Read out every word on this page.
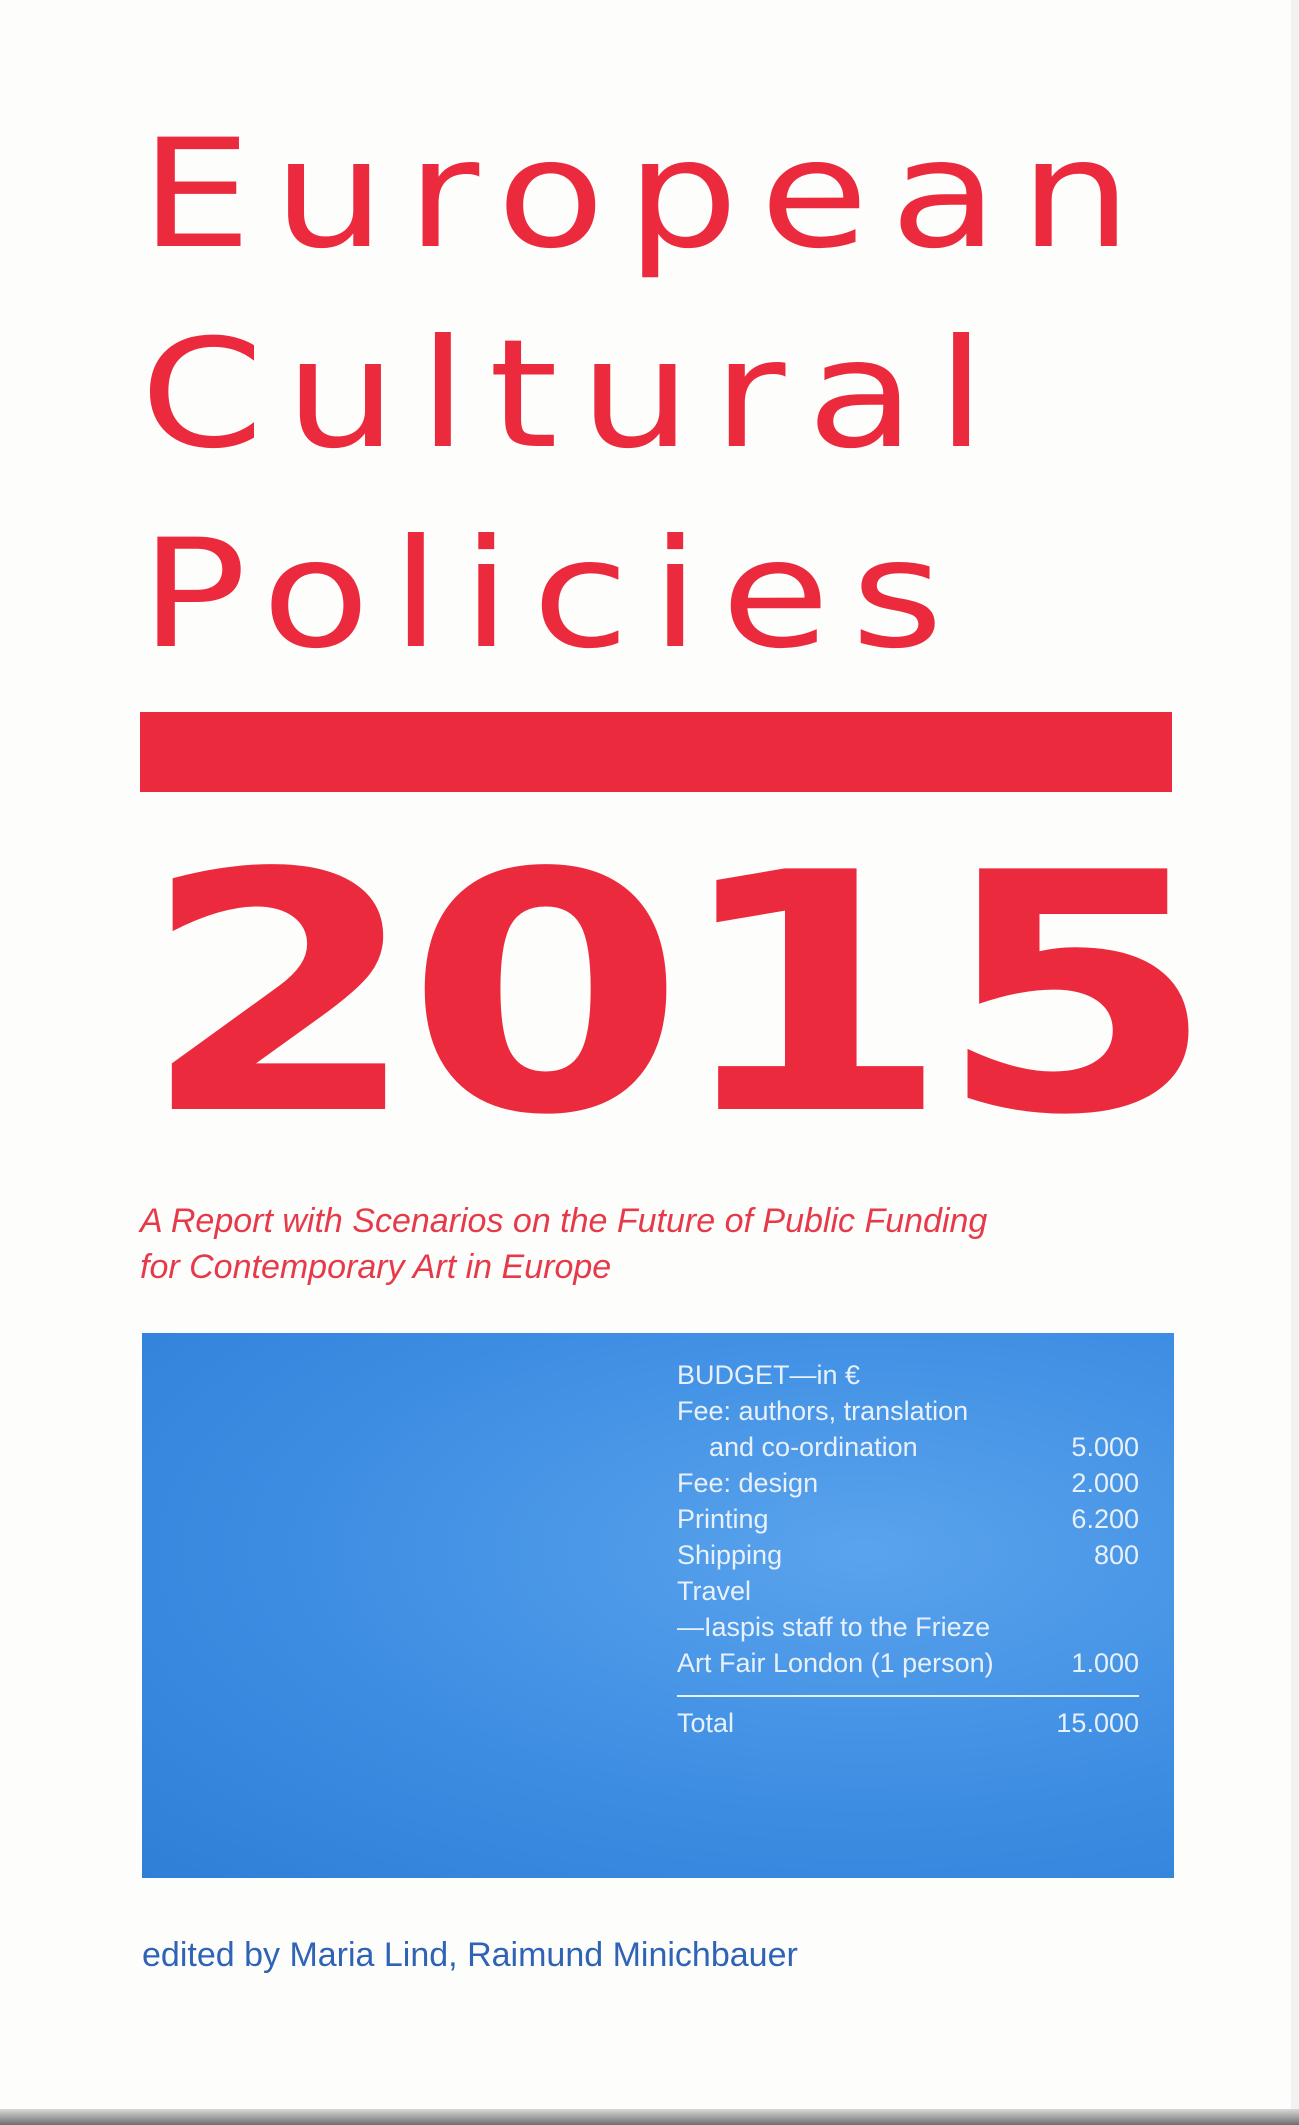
European
Cultural
Policies
2015

A Report with Scenarios on the Future of Public Funding
for Contemporary Art in Europe

BUDGET—in €
Fee: authors, translation
and co-ordination	5.000
Fee: design	2.000
Printing	6.200
Shipping	800
Travel
—Iaspis staff to the Frieze
Art Fair London (1 person)	1.000
Total	15.000

edited by Maria Lind, Raimund Minichbauer
